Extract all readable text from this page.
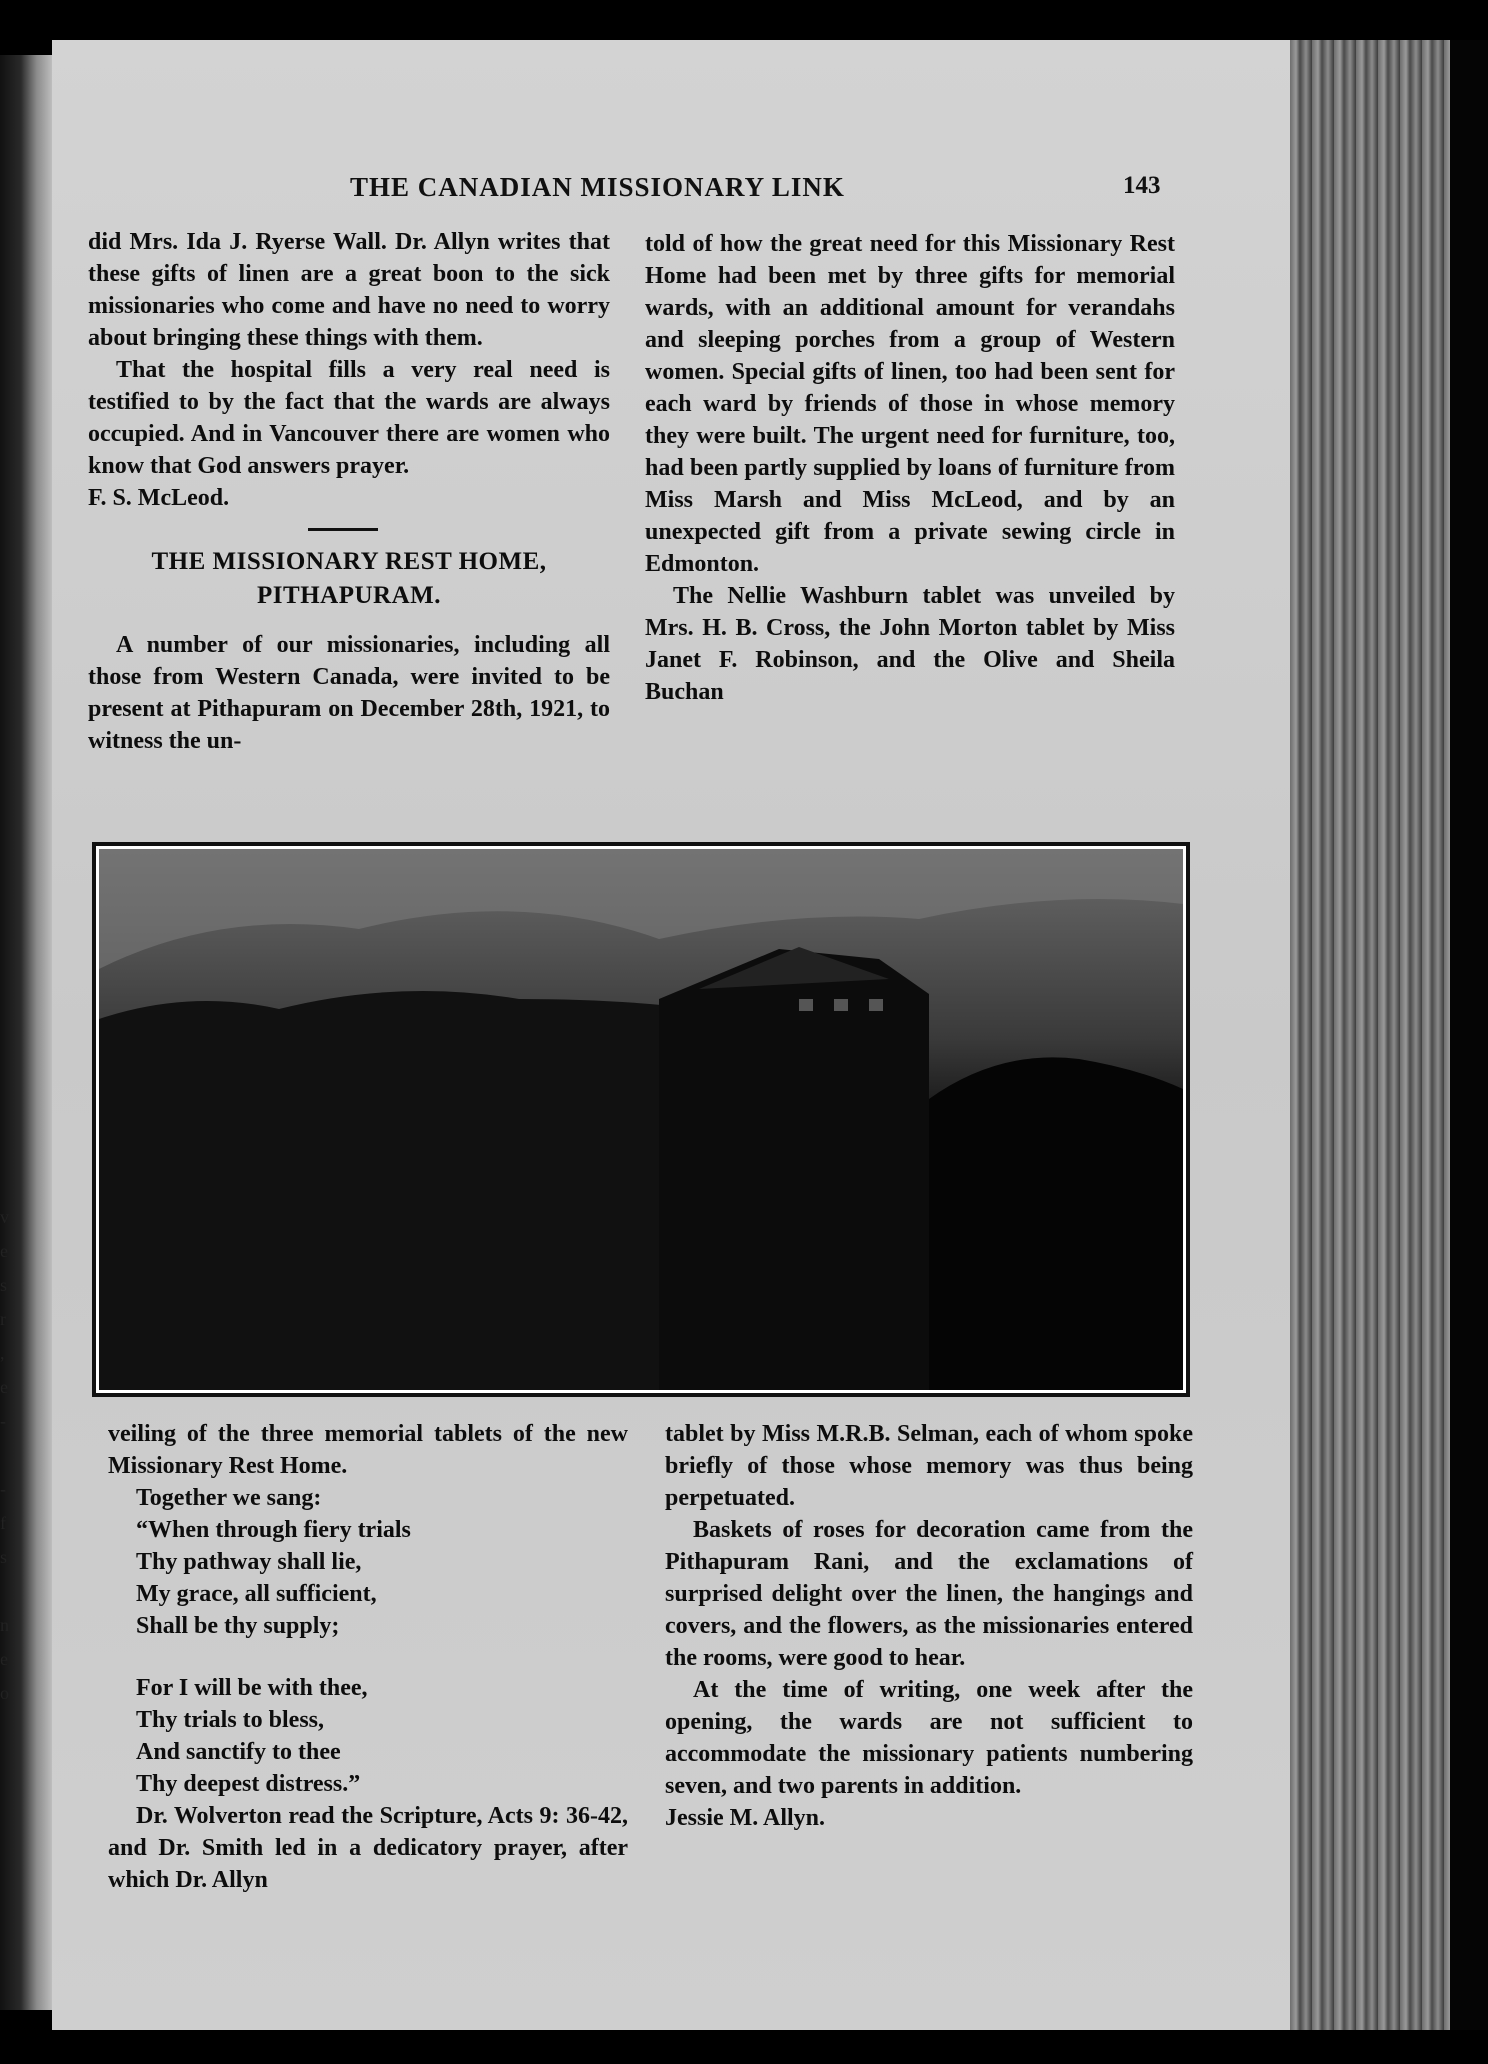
v
e
s
r
,
e
-

-
f
s

n
e
o
THE CANADIAN MISSIONARY LINK	143

did Mrs. Ida J. Ryerse Wall. Dr. Allyn writes that these gifts of linen are a great boon to the sick missionaries who come and have no need to worry about bringing these things with them.

That the hospital fills a very real need is testified to by the fact that the wards are always occupied. And in Vancouver there are women who know that God answers prayer.

F. S. McLeod.

THE MISSIONARY REST HOME,
PITHAPURAM.

A number of our missionaries, including all those from Western Canada, were invited to be present at Pithapuram on December 28th, 1921, to witness the un-

told of how the great need for this Missionary Rest Home had been met by three gifts for memorial wards, with an additional amount for verandahs and sleeping porches from a group of Western women. Special gifts of linen, too had been sent for each ward by friends of those in whose memory they were built. The urgent need for furniture, too, had been partly supplied by loans of furniture from Miss Marsh and Miss McLeod, and by an unexpected gift from a private sewing circle in Edmonton.

The Nellie Washburn tablet was unveiled by Mrs. H. B. Cross, the John Morton tablet by Miss Janet F. Robinson, and the Olive and Sheila Buchan

veiling of the three memorial tablets of the new Missionary Rest Home.

Together we sang:

“When through fiery trials
Thy pathway shall lie,
My grace, all sufficient,
Shall be thy supply;
For I will be with thee,
Thy trials to bless,
And sanctify to thee
Thy deepest distress.”

Dr. Wolverton read the Scripture, Acts 9: 36-42, and Dr. Smith led in a dedicatory prayer, after which Dr. Allyn

tablet by Miss M.R.B. Selman, each of whom spoke briefly of those whose memory was thus being perpetuated.

Baskets of roses for decoration came from the Pithapuram Rani, and the exclamations of surprised delight over the linen, the hangings and covers, and the flowers, as the missionaries entered the rooms, were good to hear.

At the time of writing, one week after the opening, the wards are not sufficient to accommodate the missionary patients numbering seven, and two parents in addition.

Jessie M. Allyn.
